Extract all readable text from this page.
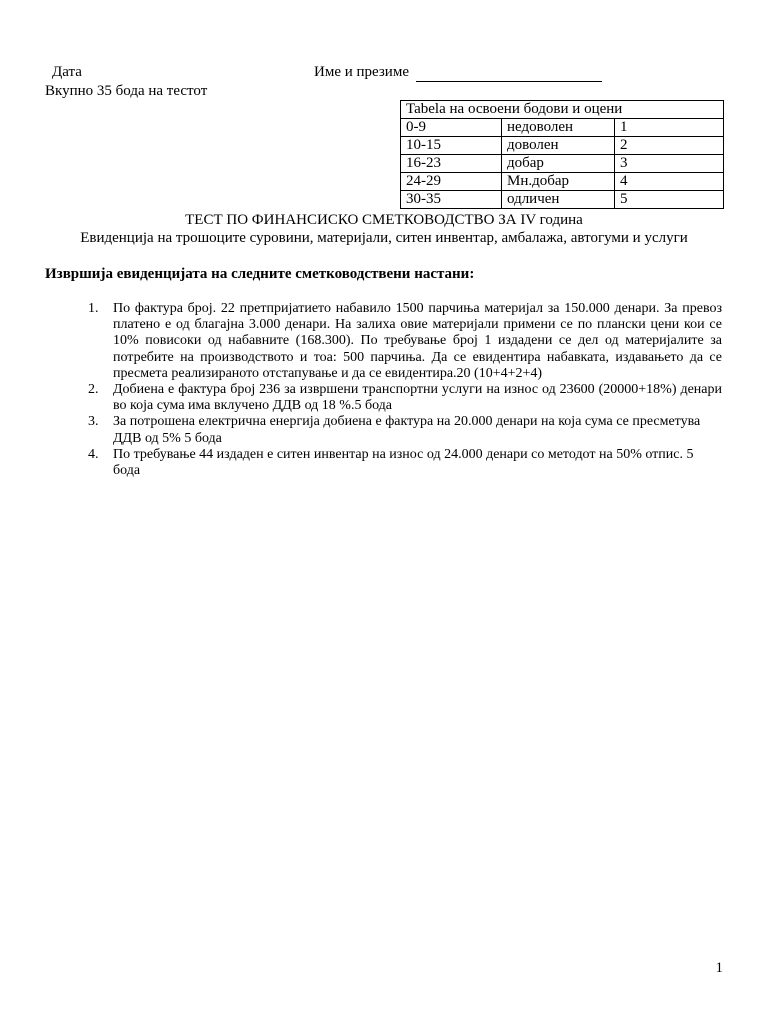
Дата	Име и презиме
Вкупно 35 бода на тестот
Tabela на освоени бодови и оцени		
0-9	недоволен	1
10-15	доволен	2
16-23	добар	3
24-29	Мн.добар	4
30-35	одличен	5
ТЕСТ ПО ФИНАНСИСКО СМЕТКОВОДСТВО ЗА IV година
Евиденција на трошоците суровини, материјали, ситен инвентар, амбалажа, автогуми и услуги
Извршија евиденцијата на следните сметководствени настани:
1.	По фактура број. 22 претпријатието набавило 1500 парчиња материјал за 150.000 денари. За превоз платено е од благајна 3.000 денари. На залиха овие материјали примени се по плански цени кои се 10% повисоки од набавните (168.300). По требување број 1 издадени се дел од материјалите за потребите на производството и тоа: 500 парчиња. Да се евидентира набавката, издавањето да се пресмета реализираното отстапување и да се евидентира.20 (10+4+2+4)
2.	Добиена е фактура број 236 за извршени транспортни услуги на износ од 23600 (20000+18%) денари во која сума има вклучено ДДВ од 18 %.5 бода
3.	За потрошена електрична енергија добиена е фактура на 20.000 денари на која сума се пресметува ДДВ од 5% 5 бода
4.	По требување 44 издаден е ситен инвентар на износ од 24.000 денари со методот на 50% отпис. 5 бода
1
